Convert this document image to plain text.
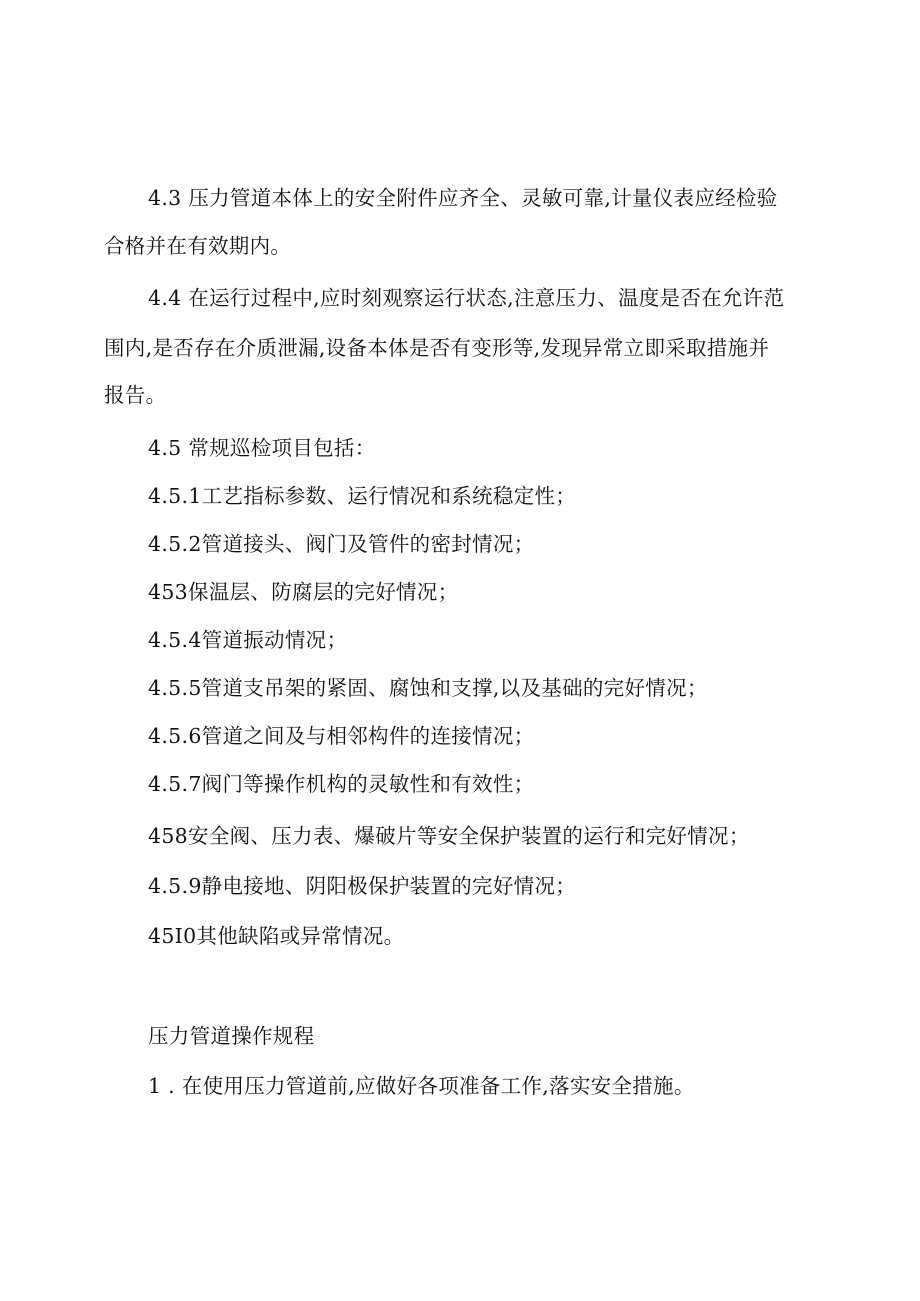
4.3 压力管道本体上的安全附件应齐全、灵敏可靠,计量仪表应经检验
合格并在有效期内。
4.4 在运行过程中,应时刻观察运行状态,注意压力、温度是否在允许范
围内,是否存在介质泄漏,设备本体是否有变形等,发现异常立即采取措施并
报告。
4.5 常规巡检项目包括：
4.5.1工艺指标参数、运行情况和系统稳定性；
4.5.2管道接头、阀门及管件的密封情况；
453保温层、防腐层的完好情况；
4.5.4管道振动情况；
4.5.5管道支吊架的紧固、腐蚀和支撑,以及基础的完好情况；
4.5.6管道之间及与相邻构件的连接情况；
4.5.7阀门等操作机构的灵敏性和有效性；
458安全阀、压力表、爆破片等安全保护装置的运行和完好情况；
4.5.9静电接地、阴阳极保护装置的完好情况；
45I0其他缺陷或异常情况。
压力管道操作规程
1 . 在使用压力管道前,应做好各项准备工作,落实安全措施。
